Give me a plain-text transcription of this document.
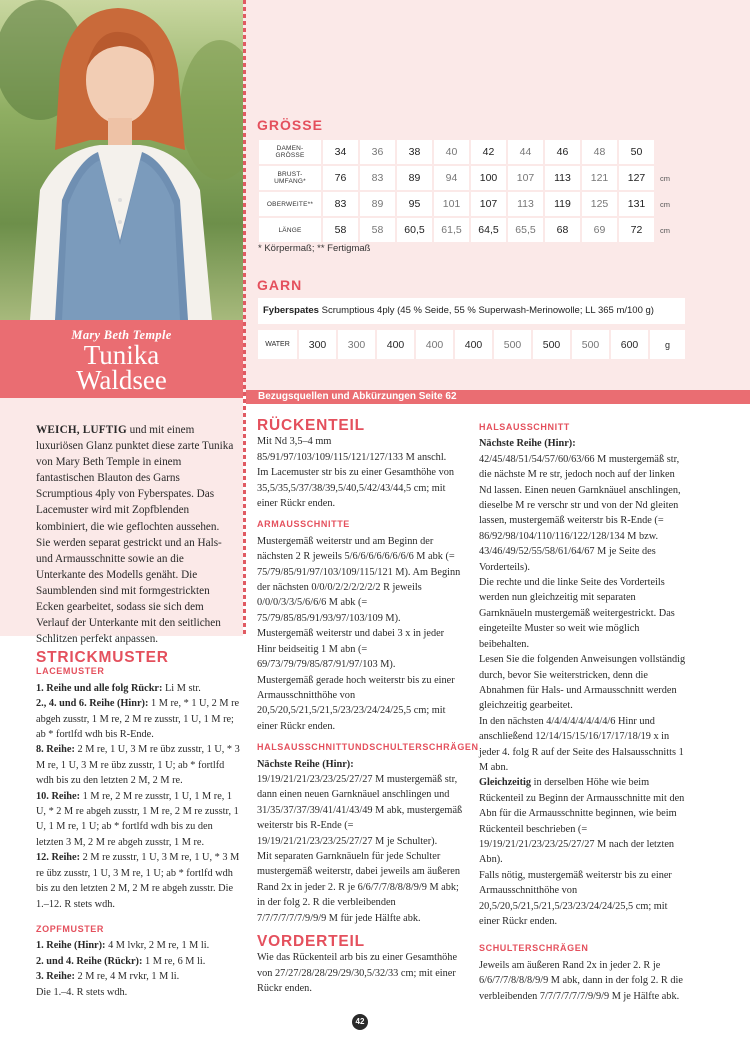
Mary Beth Temple
Tunika
Waldsee
WEICH, LUFTIG und mit einem luxuriösen Glanz punktet diese zarte Tunika von Mary Beth Temple in einem fantastischen Blauton des Garns Scrumptious 4ply von Fyberspates. Das Lacemuster wird mit Zopfblenden kombiniert, die wie geflochten aussehen. Sie werden separat gestrickt und an Hals- und Armausschnitte sowie an die Unterkante des Modells genäht. Die Saumblenden sind mit formgestrickten Ecken gearbeitet, sodass sie sich dem Verlauf der Unterkante mit den seitlichen Schlitzen perfekt anpassen.
GRÖSSE
DAMEN-
GRÖSSE	34	36	38	40	42	44	46	48	50	
BRUST-
UMFANG*	76	83	89	94	100	107	113	121	127	cm
OBERWEITE**	83	89	95	101	107	113	119	125	131	cm
LÄNGE	58	58	60,5	61,5	64,5	65,5	68	69	72	cm
* Körpermaß; ** Fertigmaß
GARN
Fyberspates Scrumptious 4ply (45 % Seide, 55 % Superwash-Merinowolle; LL 365 m/100 g)
WATER	300	300	400	400	400	500	500	500	600	g
Bezugsquellen und Abkürzungen Seite 62
STRICKMUSTER
LACEMUSTER

1. Reihe und alle folg Rückr: Li M str.

2., 4. und 6. Reihe (Hinr): 1 M re, * 1 U, 2 M re abgeh zusstr, 1 M re, 2 M re zusstr, 1 U, 1 M re; ab * fortlfd wdh bis R-Ende.

8. Reihe: 2 M re, 1 U, 3 M re übz zusstr, 1 U, * 3 M re, 1 U, 3 M re übz zusstr, 1 U; ab * fortlfd wdh bis zu den letzten 2 M, 2 M re.

10. Reihe: 1 M re, 2 M re zusstr, 1 U, 1 M re, 1 U, * 2 M re abgeh zusstr, 1 M re, 2 M re zusstr, 1 U, 1 M re, 1 U; ab * fortlfd wdh bis zu den letzten 3 M, 2 M re abgeh zusstr, 1 M re.

12. Reihe: 2 M re zusstr, 1 U, 3 M re, 1 U, * 3 M re übz zusstr, 1 U, 3 M re, 1 U; ab * fortlfd wdh bis zu den letzten 2 M, 2 M re abgeh zusstr. Die 1.–12. R stets wdh.

ZOPFMUSTER

1. Reihe (Hinr): 4 M lvkr, 2 M re, 1 M li.

2. und 4. Reihe (Rückr): 1 M re, 6 M li.

3. Reihe: 2 M re, 4 M rvkr, 1 M li.

Die 1.–4. R stets wdh.

RÜCKENTEIL

Mit Nd 3,5–4 mm 85/91/97/103/109/115/121/127/133 M anschl.

Im Lacemuster str bis zu einer Gesamthöhe von 35,5/35,5/37/38/39,5/40,5/42/43/44,5 cm; mit einer Rückr enden.

ARMAUSSCHNITTE

Mustergemäß weiterstr und am Beginn der nächsten 2 R jeweils 5/6/6/6/6/6/6/6/6 M abk (= 75/79/85/91/97/103/109/115/121 M). Am Beginn der nächsten 0/0/0/2/2/2/2/2/2 R jeweils 0/0/0/3/3/5/6/6/6 M abk (= 75/79/85/85/91/93/97/103/109 M).

Mustergemäß weiterstr und dabei 3 x in jeder Hinr beidseitig 1 M abn (= 69/73/79/79/85/87/91/97/103 M).

Mustergemäß gerade hoch weiterstr bis zu einer Armausschnitthöhe von 20,5/20,5/21,5/21,5/23/23/24/24/25,5 cm; mit einer Rückr enden.

HALSAUSSCHNITTUNDSCHULTERSCHRÄGEN

Nächste Reihe (Hinr): 19/19/21/21/23/23/25/27/27 M mustergemäß str, dann einen neuen Garnknäuel anschlingen und 31/35/37/37/39/41/41/43/49 M abk, mustergemäß weiterstr bis R-Ende (= 19/19/21/21/23/23/25/27/27 M je Schulter).

Mit separaten Garnknäueln für jede Schulter mustergemäß weiterstr, dabei jeweils am äußeren Rand 2x in jeder 2. R je 6/6/7/7/8/8/8/9/9 M abk; in der folg 2. R die verbleibenden 7/7/7/7/7/7/9/9/9 M für jede Hälfte abk.

VORDERTEIL

Wie das Rückenteil arb bis zu einer Gesamthöhe von 27/27/28/28/29/29/30,5/32/33 cm; mit einer Rückr enden.

HALSAUSSCHNITT

Nächste Reihe (Hinr): 42/45/48/51/54/57/60/63/66 M mustergemäß str, die nächste M re str, jedoch noch auf der linken Nd lassen. Einen neuen Garnknäuel anschlingen, dieselbe M re verschr str und von der Nd gleiten lassen, mustergemäß weiterstr bis R-Ende (= 86/92/98/104/110/116/122/128/134 M bzw. 43/46/49/52/55/58/61/64/67 M je Seite des Vorderteils).

Die rechte und die linke Seite des Vorderteils werden nun gleichzeitig mit separaten Garnknäueln mustergemäß weitergestrickt. Das eingeteilte Muster so weit wie möglich beibehalten.

Lesen Sie die folgenden Anweisungen vollständig durch, bevor Sie weiterstricken, denn die Abnahmen für Hals- und Armausschnitt werden gleichzeitig gearbeitet.

In den nächsten 4/4/4/4/4/4/4/4/6 Hinr und anschließend 12/14/15/15/16/17/17/18/19 x in jeder 4. folg R auf der Seite des Halsausschnitts 1 M abn.

Gleichzeitig in derselben Höhe wie beim Rückenteil zu Beginn der Armausschnitte mit den Abn für die Armausschnitte beginnen, wie beim Rückenteil beschrieben (= 19/19/21/21/23/23/25/27/27 M nach der letzten Abn).

Falls nötig, mustergemäß weiterstr bis zu einer Armausschnitthöhe von 20,5/20,5/21,5/21,5/23/23/24/24/25,5 cm; mit einer Rückr enden.

SCHULTERSCHRÄGEN

Jeweils am äußeren Rand 2x in jeder 2. R je 6/6/7/7/8/8/8/9/9 M abk, dann in der folg 2. R die verbleibenden 7/7/7/7/7/7/9/9/9 M je Hälfte abk.

42
